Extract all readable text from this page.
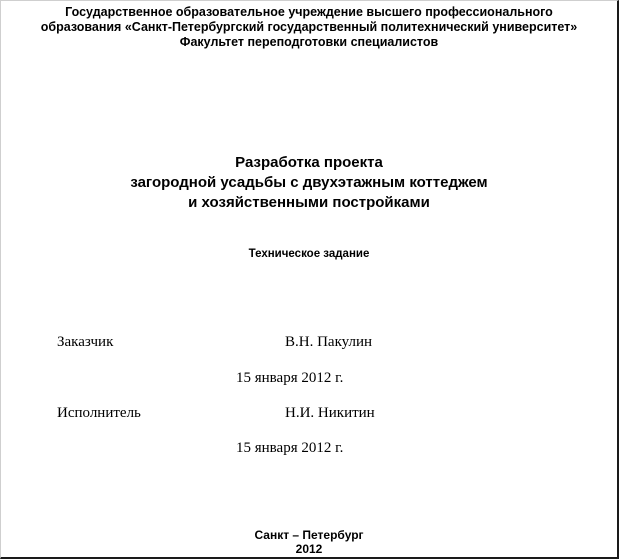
Государственное образовательное учреждение высшего профессионального
образования «Санкт-Петербургский государственный политехнический университет»
Факультет переподготовки специалистов
Разработка проекта
загородной усадьбы с двухэтажным коттеджем
и хозяйственными постройками
Техническое задание
Заказчик	В.Н. Пакулин
15 января 2012 г.
Исполнитель	Н.И. Никитин
15 января 2012 г.
Санкт – Петербург
2012
